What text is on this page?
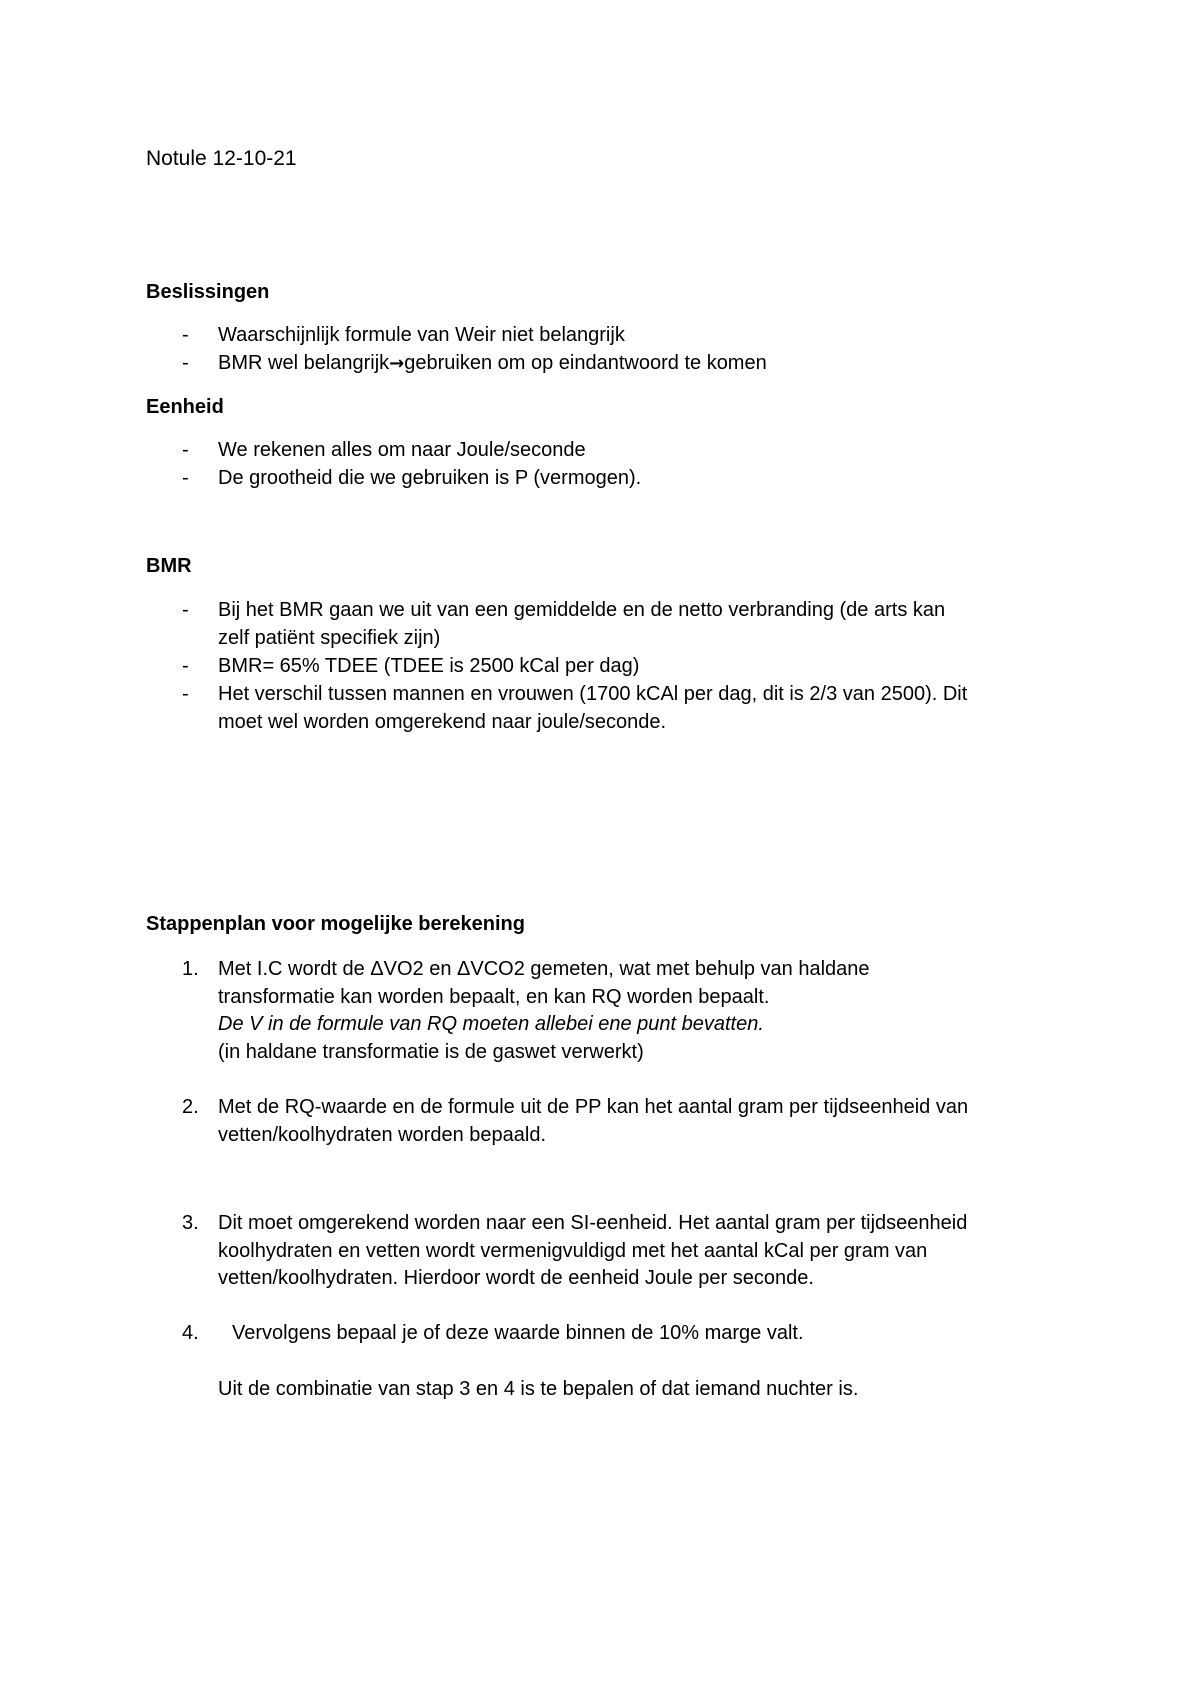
Notule 12-10-21
Beslissingen
- Waarschijnlijk formule van Weir niet belangrijk
- BMR wel belangrijk→gebruiken om op eindantwoord te komen
Eenheid
- We rekenen alles om naar Joule/seconde
- De grootheid die we gebruiken is P (vermogen).
BMR
- Bij het BMR gaan we uit van een gemiddelde en de netto verbranding (de arts kan
zelf patiënt specifiek zijn)
- BMR= 65% TDEE (TDEE is 2500 kCal per dag)
- Het verschil tussen mannen en vrouwen (1700 kCAl per dag, dit is 2/3 van 2500). Dit
moet wel worden omgerekend naar joule/seconde.
Stappenplan voor mogelijke berekening
1. Met I.C wordt de ΔVO2 en ΔVCO2 gemeten, wat met behulp van haldane
transformatie kan worden bepaalt, en kan RQ worden bepaalt.
De V in de formule van RQ moeten allebei ene punt bevatten.
(in haldane transformatie is de gaswet verwerkt)
2. Met de RQ-waarde en de formule uit de PP kan het aantal gram per tijdseenheid van
vetten/koolhydraten worden bepaald.
3. Dit moet omgerekend worden naar een SI-eenheid. Het aantal gram per tijdseenheid
koolhydraten en vetten wordt vermenigvuldigd met het aantal kCal per gram van
vetten/koolhydraten. Hierdoor wordt de eenheid Joule per seconde.
4. Vervolgens bepaal je of deze waarde binnen de 10% marge valt.
Uit de combinatie van stap 3 en 4 is te bepalen of dat iemand nuchter is.
